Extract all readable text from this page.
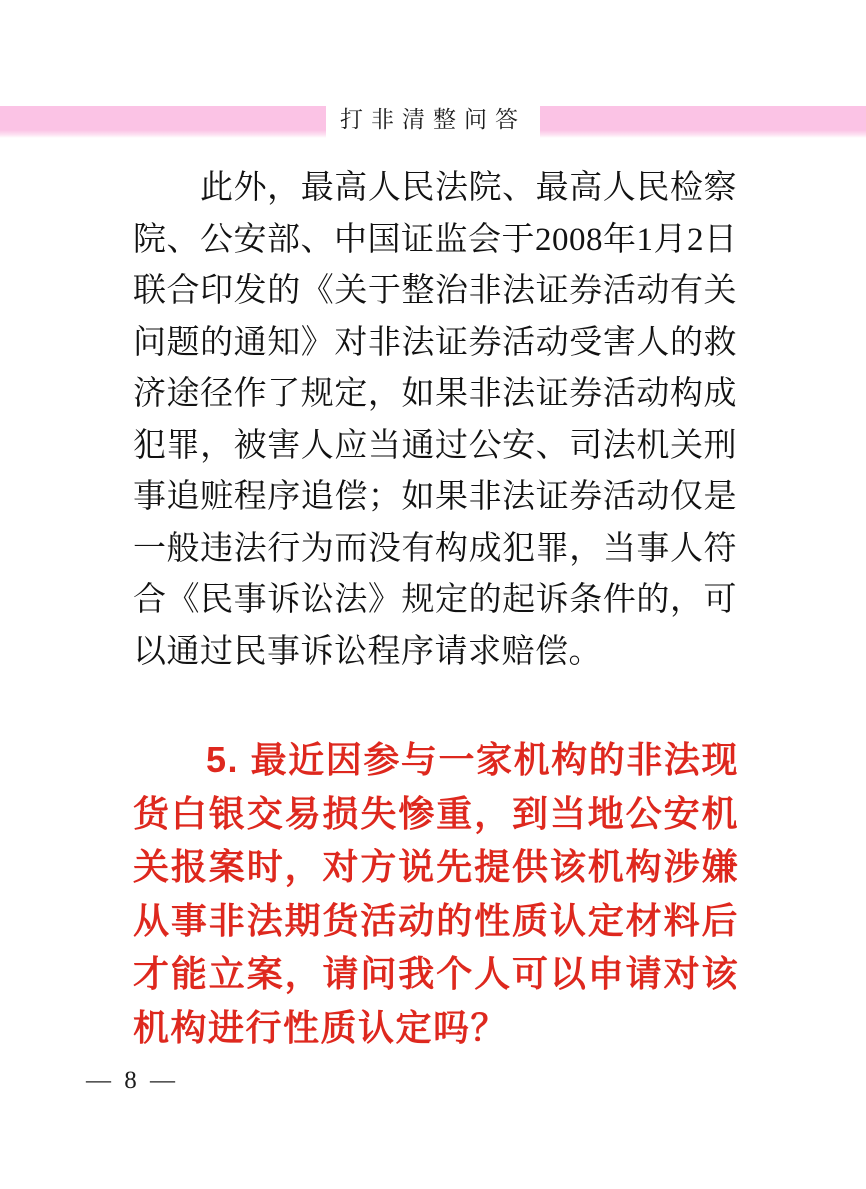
打非清整问答
此外，最高人民法院、最高人民检察
院、公安部、中国证监会于2008年1月2日
联合印发的《关于整治非法证券活动有关
问题的通知》对非法证券活动受害人的救
济途径作了规定，如果非法证券活动构成
犯罪，被害人应当通过公安、司法机关刑
事追赃程序追偿；如果非法证券活动仅是
一般违法行为而没有构成犯罪，当事人符
合《民事诉讼法》规定的起诉条件的，可
以通过民事诉讼程序请求赔偿。
5. 最近因参与一家机构的非法现
货白银交易损失惨重，到当地公安机
关报案时，对方说先提供该机构涉嫌
从事非法期货活动的性质认定材料后
才能立案，请问我个人可以申请对该
机构进行性质认定吗？
— 8 —
